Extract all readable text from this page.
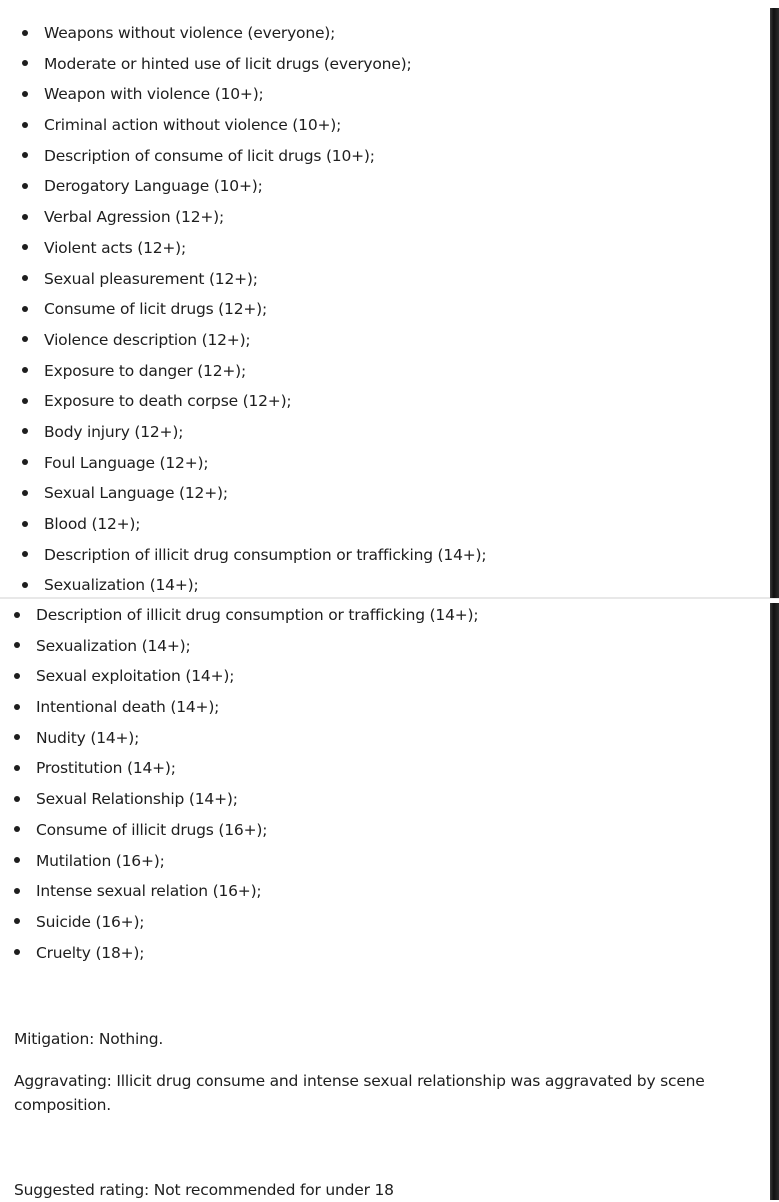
Weapons without violence (everyone);
Moderate or hinted use of licit drugs (everyone);
Weapon with violence (10+);
Criminal action without violence (10+);
Description of consume of licit drugs (10+);
Derogatory Language (10+);
Verbal Agression (12+);
Violent acts (12+);
Sexual pleasurement (12+);
Consume of licit drugs (12+);
Violence description (12+);
Exposure to danger (12+);
Exposure to death corpse (12+);
Body injury (12+);
Foul Language (12+);
Sexual Language (12+);
Blood (12+);
Description of illicit drug consumption or trafficking (14+);
Sexualization (14+);
Description of illicit drug consumption or trafficking (14+);
Sexualization (14+);
Sexual exploitation (14+);
Intentional death (14+);
Nudity (14+);
Prostitution (14+);
Sexual Relationship (14+);
Consume of illicit drugs (16+);
Mutilation (16+);
Intense sexual relation (16+);
Suicide (16+);
Cruelty (18+);
Mitigation: Nothing.
Aggravating: Illicit drug consume and intense sexual relationship was aggravated by scene composition.
Suggested rating: Not recommended for under 18
